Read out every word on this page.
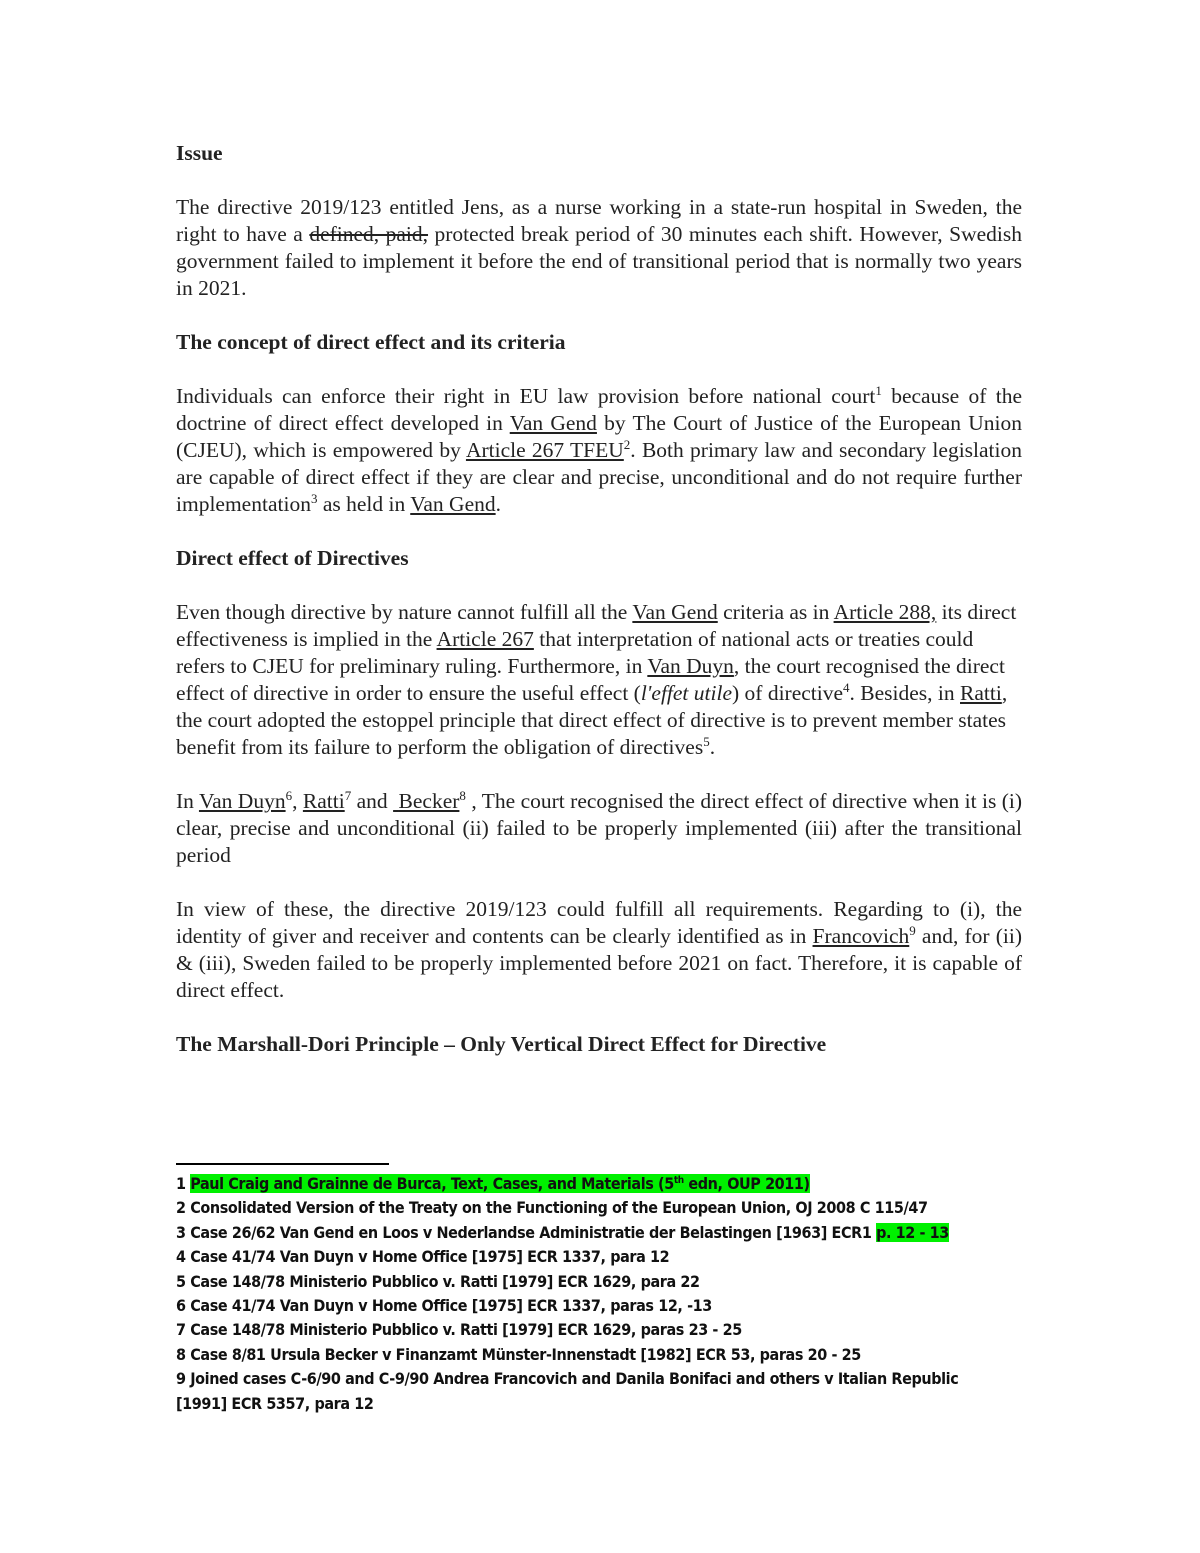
Issue

The directive 2019/123 entitled Jens, as a nurse working in a state-run hospital in Sweden, the right to have a defined, paid, protected break period of 30 minutes each shift. However, Swedish government failed to implement it before the end of transitional period that is normally two years in 2021.

The concept of direct effect and its criteria

Individuals can enforce their right in EU law provision before national court$^1$ because of the doctrine of direct effect developed in Van Gend by The Court of Justice of the European Union (CJEU), which is empowered by Article 267 TFEU$^2$. Both primary law and secondary legislation are capable of direct effect if they are clear and precise, unconditional and do not require further implementation$^3$ as held in Van Gend.

Direct effect of Directives

Even though directive by nature cannot fulfill all the Van Gend criteria as in Article 288, its direct effectiveness is implied in the Article 267 that interpretation of national acts or treaties could refers to CJEU for preliminary ruling. Furthermore, in Van Duyn, the court recognised the direct effect of directive in order to ensure the useful effect (l'effet utile) of directive$^4$. Besides, in Ratti, the court adopted the estoppel principle that direct effect of directive is to prevent member states benefit from its failure to perform the obligation of directives$^5$.

In Van Duyn$^6$, Ratti$^7$ and Becker$^8$ , The court recognised the direct effect of directive when it is (i) clear, precise and unconditional (ii) failed to be properly implemented (iii) after the transitional period

In view of these, the directive 2019/123 could fulfill all requirements. Regarding to (i), the identity of giver and receiver and contents can be clearly identified as in Francovich$^9$ and, for (ii) & (iii), Sweden failed to be properly implemented before 2021 on fact. Therefore, it is capable of direct effect.

The Marshall-Dori Principle – Only Vertical Direct Effect for Directive
1 Paul Craig and Grainne de Burca, Text, Cases, and Materials (5th edn, OUP 2011)
2 Consolidated Version of the Treaty on the Functioning of the European Union, OJ 2008 C 115/47
3 Case 26/62 Van Gend en Loos v Nederlandse Administratie der Belastingen [1963] ECR1 p. 12 - 13
4 Case 41/74 Van Duyn v Home Office [1975] ECR 1337, para 12
5 Case 148/78 Ministerio Pubblico v. Ratti [1979] ECR 1629, para 22
6 Case 41/74 Van Duyn v Home Office [1975] ECR 1337, paras 12, -13
7 Case 148/78 Ministerio Pubblico v. Ratti [1979] ECR 1629, paras 23 - 25
8 Case 8/81 Ursula Becker v Finanzamt Münster-Innenstadt [1982] ECR 53, paras 20 - 25
9 Joined cases C-6/90 and C-9/90 Andrea Francovich and Danila Bonifaci and others v Italian Republic
[1991] ECR 5357, para 12
